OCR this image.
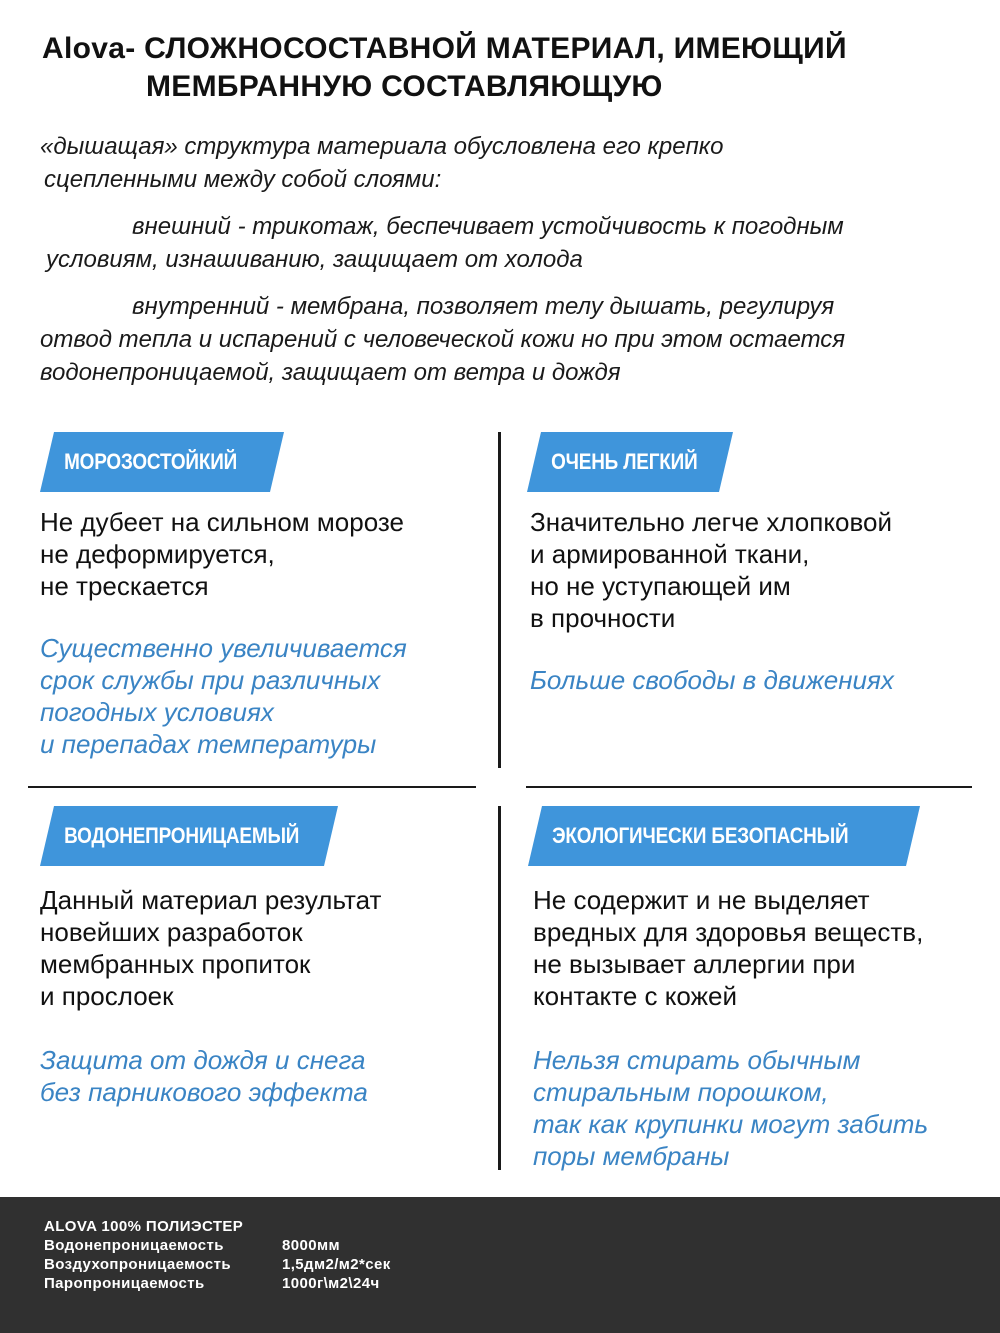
Alova- СЛОЖНОСОСТАВНОЙ МАТЕРИАЛ, ИМЕЮЩИЙ
МЕМБРАННУЮ СОСТАВЛЯЮЩУЮ

«дышащая» структура материала обусловлена его крепко
сцепленными между собой слоями:

внешний - трикотаж, беспечивает устойчивость к погодным
условиям, изнашиванию, защищает от холода

внутренний - мембрана, позволяет телу дышать, регулируя
отвод тепла и испарений с человеческой кожи но при этом остается
водонепроницаемой, защищает от ветра и дождя

МОРОЗОСТОЙКИЙ
Не дубеет на сильном морозе
не деформируется,
не трескается
Существенно увеличивается
срок службы при различных
погодных условиях
и перепадах температуры
ОЧЕНЬ ЛЕГКИЙ
Значительно легче хлопковой
и армированной ткани,
но не уступающей им
в прочности
Больше свободы в движениях
ВОДОНЕПРОНИЦАЕМЫЙ
Данный материал результат
новейших разработок
мембранных пропиток
и прослоек
Защита от дождя и снега
без парникового эффекта
ЭКОЛОГИЧЕСКИ БЕЗОПАСНЫЙ
Не содержит и не выделяет
вредных для здоровья веществ,
не вызывает аллергии при
контакте с кожей
Нельзя стирать обычным
стиральным порошком,
так как крупинки могут забить
поры мембраны
ALOVA 100% ПОЛИЭСТЕР
Водонепроницаемость	8000мм
Воздухопроницаемость	1,5дм2/м2*сек
Паропроницаемость	1000г\м2\24ч
